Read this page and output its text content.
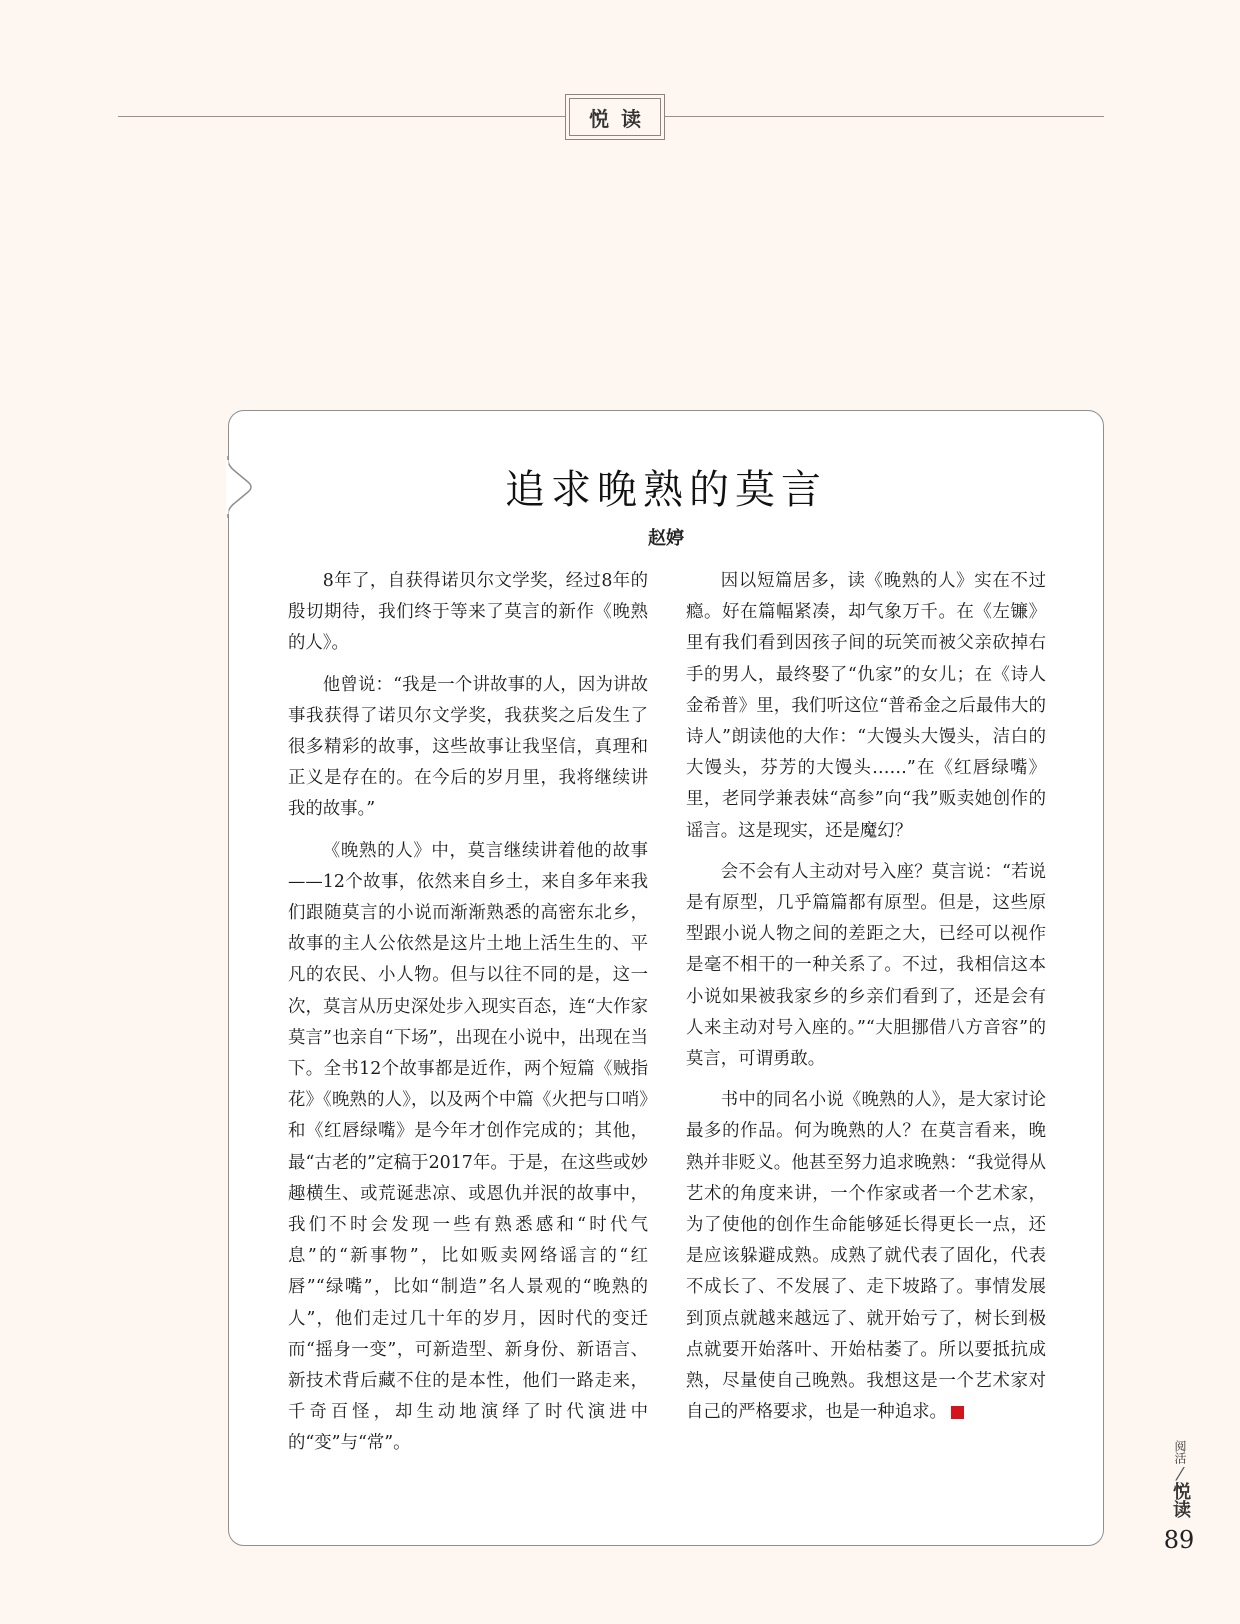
悦读
追求晚熟的莫言
赵婷

8年了，自获得诺贝尔文学奖，经过8年的殷切期待，我们终于等来了莫言的新作《晚熟的人》。

他曾说：“我是一个讲故事的人，因为讲故事我获得了诺贝尔文学奖，我获奖之后发生了很多精彩的故事，这些故事让我坚信，真理和正义是存在的。在今后的岁月里，我将继续讲我的故事。”

《晚熟的人》中，莫言继续讲着他的故事——12个故事，依然来自乡土，来自多年来我们跟随莫言的小说而渐渐熟悉的高密东北乡，故事的主人公依然是这片土地上活生生的、平凡的农民、小人物。但与以往不同的是，这一次，莫言从历史深处步入现实百态，连“大作家莫言”也亲自“下场”，出现在小说中，出现在当下。全书12个故事都是近作，两个短篇《贼指花》《晚熟的人》，以及两个中篇《火把与口哨》和《红唇绿嘴》是今年才创作完成的；其他，最“古老的”定稿于2017年。于是，在这些或妙趣横生、或荒诞悲凉、或恩仇并泯的故事中，我们不时会发现一些有熟悉感和“时代气息”的“新事物”，比如贩卖网络谣言的“红唇”“绿嘴”，比如“制造”名人景观的“晚熟的人”，他们走过几十年的岁月，因时代的变迁而“摇身一变”，可新造型、新身份、新语言、新技术背后藏不住的是本性，他们一路走来，千奇百怪，却生动地演绎了时代演进中的“变”与“常”。

因以短篇居多，读《晚熟的人》实在不过瘾。好在篇幅紧凑，却气象万千。在《左镰》里有我们看到因孩子间的玩笑而被父亲砍掉右手的男人，最终娶了“仇家”的女儿；在《诗人金希普》里，我们听这位“普希金之后最伟大的诗人”朗读他的大作：“大馒头大馒头，洁白的大馒头，芬芳的大馒头……”在《红唇绿嘴》里，老同学兼表妹“高参”向“我”贩卖她创作的谣言。这是现实，还是魔幻？

会不会有人主动对号入座？莫言说：“若说是有原型，几乎篇篇都有原型。但是，这些原型跟小说人物之间的差距之大，已经可以视作是毫不相干的一种关系了。不过，我相信这本小说如果被我家乡的乡亲们看到了，还是会有人来主动对号入座的。”“大胆挪借八方音容”的莫言，可谓勇敢。

书中的同名小说《晚熟的人》，是大家讨论最多的作品。何为晚熟的人？在莫言看来，晚熟并非贬义。他甚至努力追求晚熟：“我觉得从艺术的角度来讲，一个作家或者一个艺术家，为了使他的创作生命能够延长得更长一点，还是应该躲避成熟。成熟了就代表了固化，代表不成长了、不发展了、走下坡路了。事情发展到顶点就越来越远了、就开始亏了，树长到极点就要开始落叶、开始枯萎了。所以要抵抗成熟，尽量使自己晚熟。我想这是一个艺术家对自己的严格要求，也是一种追求。

阅活
⁄
悦读
89
